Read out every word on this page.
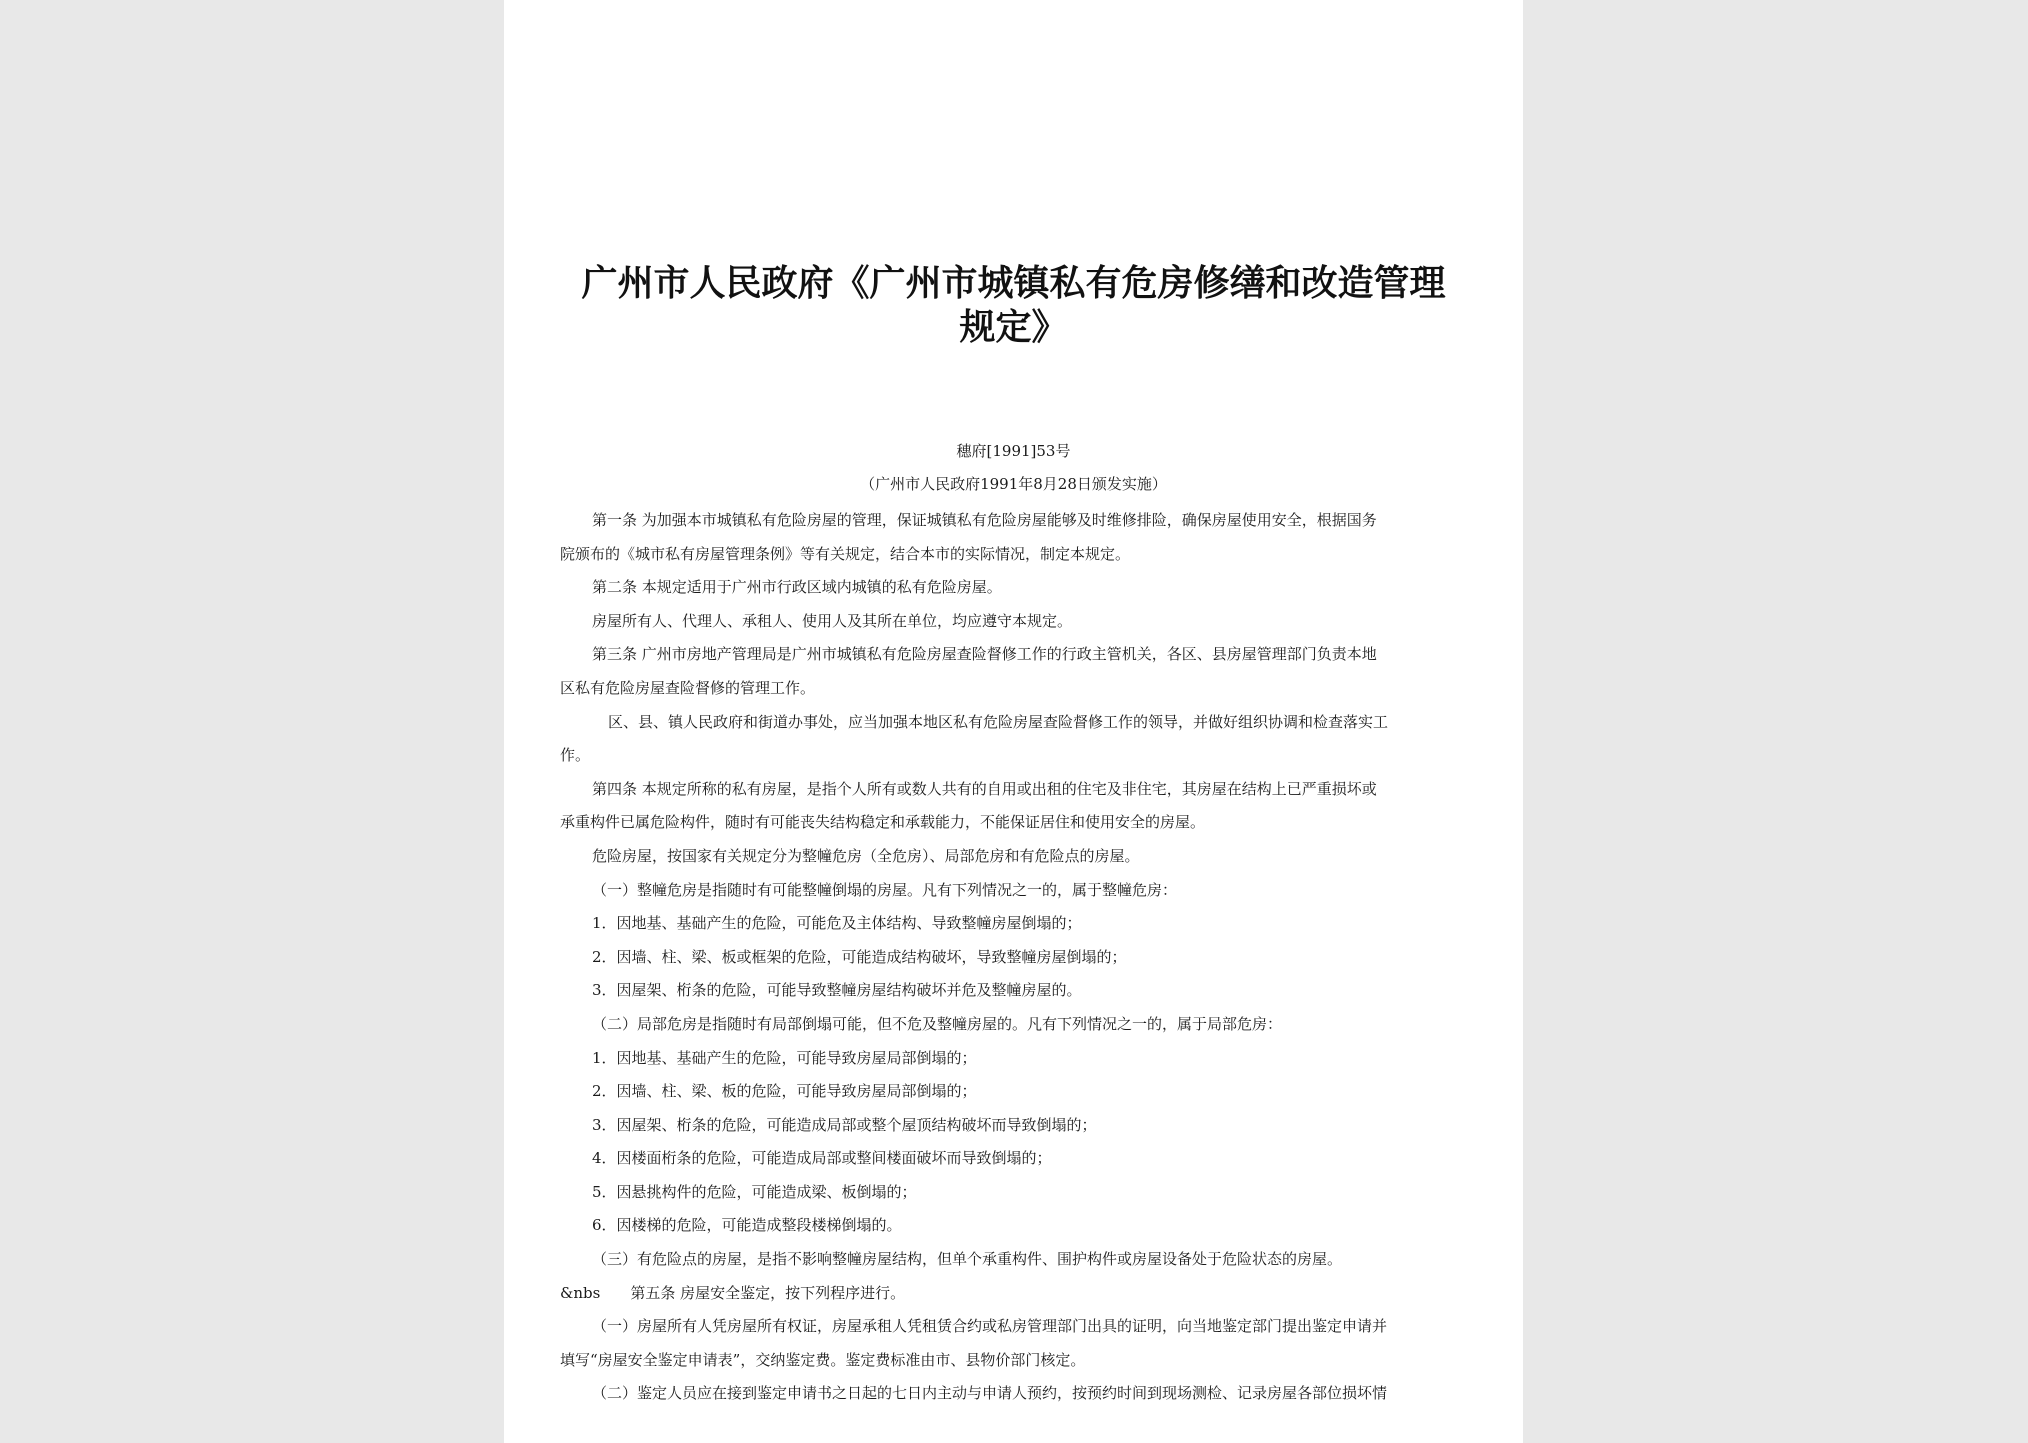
广州市人民政府《广州市城镇私有危房修缮和改造管理
规定》
穗府[1991]53号
（广州市人民政府1991年8月28日颁发实施）
第一条 为加强本市城镇私有危险房屋的管理，保证城镇私有危险房屋能够及时维修排险，确保房屋使用安全，根据国务
院颁布的《城市私有房屋管理条例》等有关规定，结合本市的实际情况，制定本规定。
第二条 本规定适用于广州市行政区域内城镇的私有危险房屋。
房屋所有人、代理人、承租人、使用人及其所在单位，均应遵守本规定。
第三条 广州市房地产管理局是广州市城镇私有危险房屋查险督修工作的行政主管机关，各区、县房屋管理部门负责本地
区私有危险房屋查险督修的管理工作。
区、县、镇人民政府和街道办事处，应当加强本地区私有危险房屋查险督修工作的领导，并做好组织协调和检查落实工
作。
第四条 本规定所称的私有房屋，是指个人所有或数人共有的自用或出租的住宅及非住宅，其房屋在结构上已严重损坏或
承重构件已属危险构件，随时有可能丧失结构稳定和承载能力，不能保证居住和使用安全的房屋。
危险房屋，按国家有关规定分为整幢危房（全危房）、局部危房和有危险点的房屋。
（一）整幢危房是指随时有可能整幢倒塌的房屋。凡有下列情况之一的，属于整幢危房：
1．因地基、基础产生的危险，可能危及主体结构、导致整幢房屋倒塌的；
2．因墙、柱、梁、板或框架的危险，可能造成结构破坏，导致整幢房屋倒塌的；
3．因屋架、桁条的危险，可能导致整幢房屋结构破坏并危及整幢房屋的。
（二）局部危房是指随时有局部倒塌可能，但不危及整幢房屋的。凡有下列情况之一的，属于局部危房：
1．因地基、基础产生的危险，可能导致房屋局部倒塌的；
2．因墙、柱、梁、板的危险，可能导致房屋局部倒塌的；
3．因屋架、桁条的危险，可能造成局部或整个屋顶结构破坏而导致倒塌的；
4．因楼面桁条的危险，可能造成局部或整间楼面破坏而导致倒塌的；
5．因悬挑构件的危险，可能造成梁、板倒塌的；
6．因楼梯的危险，可能造成整段楼梯倒塌的。
（三）有危险点的房屋，是指不影响整幢房屋结构，但单个承重构件、围护构件或房屋设备处于危险状态的房屋。
&nbs　　第五条 房屋安全鉴定，按下列程序进行。
（一）房屋所有人凭房屋所有权证，房屋承租人凭租赁合约或私房管理部门出具的证明，向当地鉴定部门提出鉴定申请并
填写“房屋安全鉴定申请表”，交纳鉴定费。鉴定费标准由市、县物价部门核定。
（二）鉴定人员应在接到鉴定申请书之日起的七日内主动与申请人预约，按预约时间到现场测检、记录房屋各部位损坏情
